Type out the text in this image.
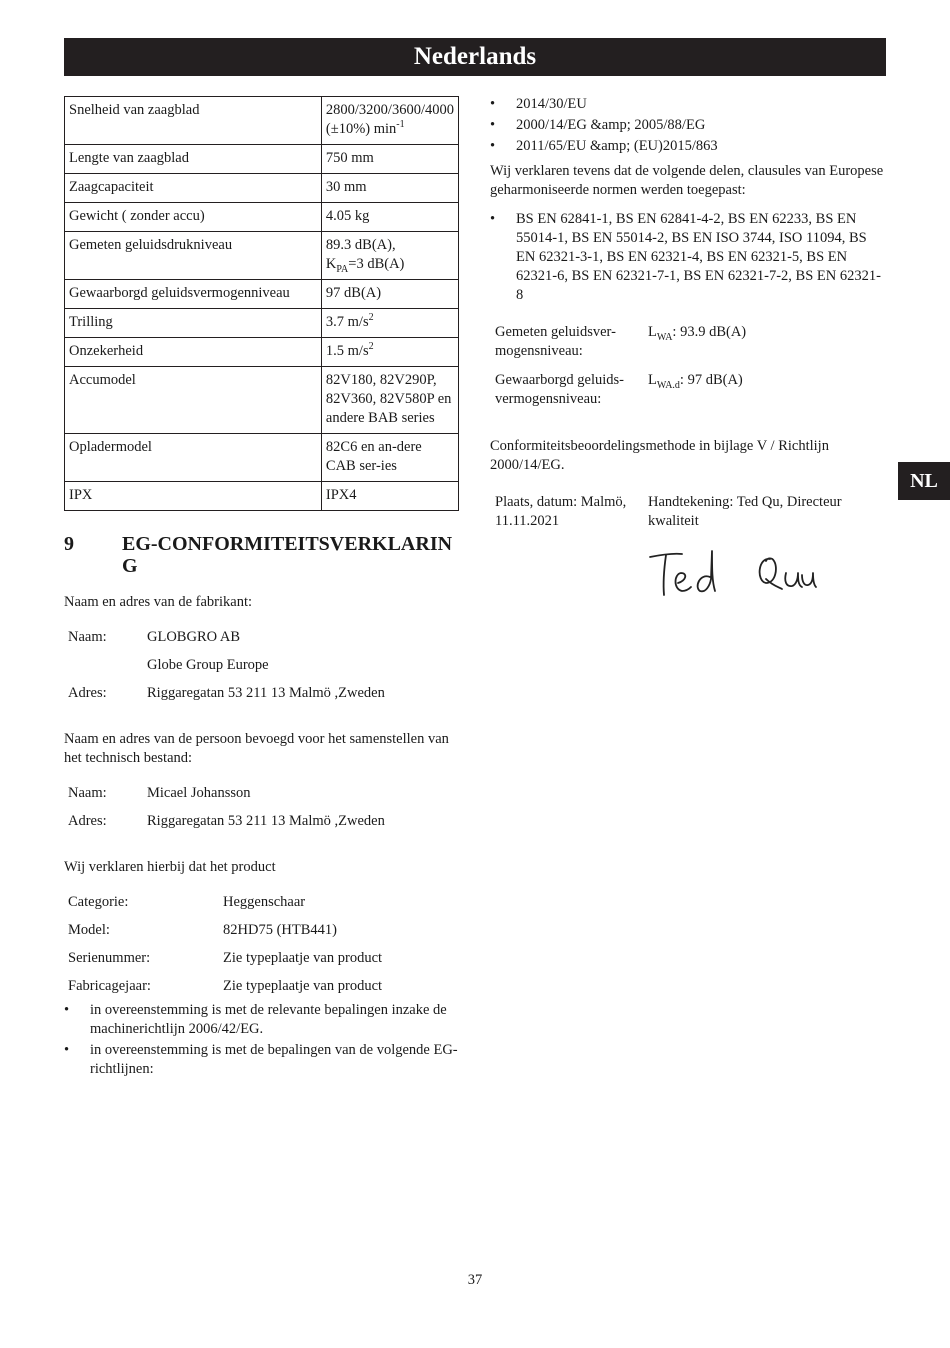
Nederlands
NL
Snelheid van zaagblad	2800/3200/3600/4000 (±10%) $\min^{-1}$
Lengte van zaagblad	750 mm
Zaagcapaciteit	30 mm
Gewicht ( zonder accu)	4.05 kg
Gemeten geluidsdrukniveau	89.3 dB(A),
$K_{PA}=3$ dB(A)
Gewaarborgd geluidsvermogenniveau	97 dB(A)
Trilling	3.7 $m/s^2$
Onzekerheid	1.5 $m/s^2$
Accumodel	82V180, 82V290P, 82V360, 82V580P en andere BAB series
Opladermodel	82C6 en an-dere CAB ser-ies
IPX	IPX4
9	EG-CONFORMITEITSVERKLARING

Naam en adres van de fabrikant:

Naam:	GLOBGRO AB
	Globe Group Europe
Adres:	Riggaregatan 53 211 13 Malmö ,Zweden

Naam en adres van de persoon bevoegd voor het samenstellen van het technisch bestand:

Naam:	Micael Johansson
Adres:	Riggaregatan 53 211 13 Malmö ,Zweden

Wij verklaren hierbij dat het product

Categorie:	Heggenschaar
Model:	82HD75 (HTB441)
Serienummer:	Zie typeplaatje van product
Fabricagejaar:	Zie typeplaatje van product
• in overeenstemming is met de relevante bepalingen inzake de machinerichtlijn 2006/42/EG.
• in overeenstemming is met de bepalingen van de volgende EG-richtlijnen:
• 2014/30/EU
• 2000/14/EG &amp; 2005/88/EG
• 2011/65/EU &amp; (EU)2015/863

Wij verklaren tevens dat de volgende delen, clausules van Europese geharmoniseerde normen werden toegepast:

• BS EN 62841-1, BS EN 62841-4-2, BS EN 62233, BS EN 55014-1, BS EN 55014-2, BS EN ISO 3744, ISO 11094, BS EN 62321-3-1, BS EN 62321-4, BS EN 62321-5, BS EN 62321-6, BS EN 62321-7-1, BS EN 62321-7-2, BS EN 62321-8
Gemeten geluidsver-mogensniveau:	$L_{WA}$: 93.9 dB(A)
Gewaarborgd geluids-vermogensniveau:	$L_{WA.d}$: 97 dB(A)

Conformiteitsbeoordelingsmethode in bijlage V / Richtlijn 2000/14/EG.

Plaats, datum: Malmö, 11.11.2021	Handtekening: Ted Qu, Directeur kwaliteit
37
